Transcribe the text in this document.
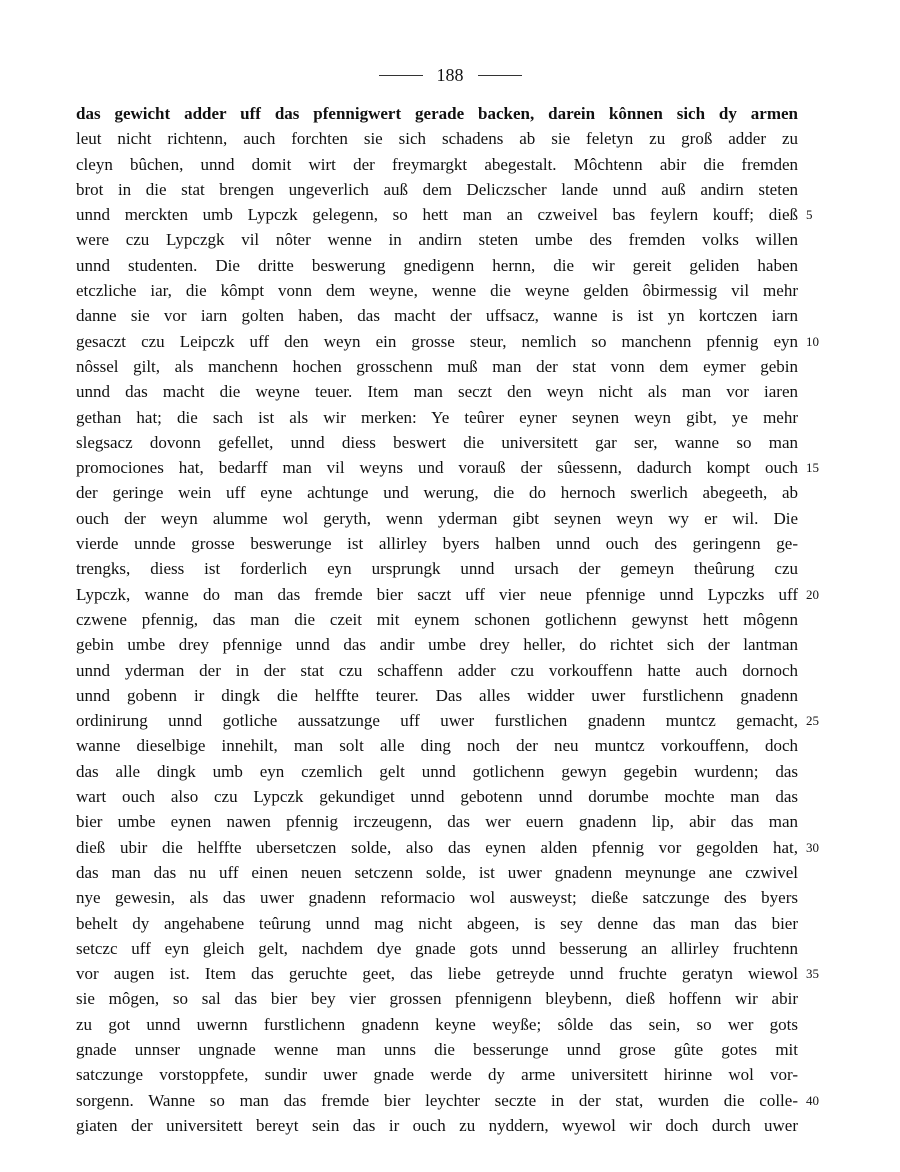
188
das gewicht adder uff das pfennigwert gerade backen, darein kônnen sich dy armen
leut nicht richtenn, auch forchten sie sich schadens ab sie feletyn zu groß adder zu
cleyn bûchen, unnd domit wirt der freymargkt abegestalt. Môchtenn abir die fremden
brot in die stat brengen ungeverlich auß dem Deliczscher lande unnd auß andirn steten
unnd merckten umb Lypczk gelegenn, so hett man an czweivel bas feylern kouff; dieß 5
were czu Lypczgk vil nôter wenne in andirn steten umbe des fremden volks willen
unnd studenten. Die dritte beswerung gnedigenn hernn, die wir gereit geliden haben
etczliche iar, die kômpt vonn dem weyne, wenne die weyne gelden ôbirmessig vil mehr
danne sie vor iarn golten haben, das macht der uffsacz, wanne is ist yn kortczen iarn
gesaczt czu Leipczk uff den weyn ein grosse steur, nemlich so manchenn pfennig eyn 10
nôssel gilt, als manchenn hochen grosschenn muß man der stat vonn dem eymer gebin
unnd das macht die weyne teuer. Item man seczt den weyn nicht als man vor iaren
gethan hat; die sach ist als wir merken: Ye teûrer eyner seynen weyn gibt, ye mehr
slegsacz dovonn gefellet, unnd diess beswert die universitett gar ser, wanne so man
promociones hat, bedarff man vil weyns und vorauß der sûessenn, dadurch kompt ouch 15
der geringe wein uff eyne achtunge und werung, die do hernoch swerlich abegeeth, ab
ouch der weyn alumme wol geryth, wenn yderman gibt seynen weyn wy er wil. Die
vierde unnde grosse beswerunge ist allirley byers halben unnd ouch des geringenn ge-
trengks, diess ist forderlich eyn ursprungk unnd ursach der gemeyn theûrung czu
Lypczk, wanne do man das fremde bier saczt uff vier neue pfennige unnd Lypczks uff 20
czwene pfennig, das man die czeit mit eynem schonen gotlichenn gewynst hett môgenn
gebin umbe drey pfennige unnd das andir umbe drey heller, do richtet sich der lantman
unnd yderman der in der stat czu schaffenn adder czu vorkouffenn hatte auch dornoch
unnd gobenn ir dingk die helffte teurer. Das alles widder uwer furstlichenn gnadenn
ordinirung unnd gotliche aussatzunge uff uwer furstlichen gnadenn muntcz gemacht, 25
wanne dieselbige innehilt, man solt alle ding noch der neu muntcz vorkouffenn, doch
das alle dingk umb eyn czemlich gelt unnd gotlichenn gewyn gegebin wurdenn; das
wart ouch also czu Lypczk gekundiget unnd gebotenn unnd dorumbe mochte man das
bier umbe eynen nawen pfennig irczeugenn, das wer euern gnadenn lip, abir das man
dieß ubir die helffte ubersetczen solde, also das eynen alden pfennig vor gegolden hat, 30
das man das nu uff einen neuen setczenn solde, ist uwer gnadenn meynunge ane czwivel
nye gewesin, als das uwer gnadenn reformacio wol ausweyst; dieße satczunge des byers
behelt dy angehabene teûrung unnd mag nicht abgeen, is sey denne das man das bier
setczc uff eyn gleich gelt, nachdem dye gnade gots unnd besserung an allirley fruchtenn
vor augen ist. Item das geruchte geet, das liebe getreyde unnd fruchte geratyn wiewol 35
sie môgen, so sal das bier bey vier grossen pfennigenn bleybenn, dieß hoffenn wir abir
zu got unnd uwernn furstlichenn gnadenn keyne weyße; sôlde das sein, so wer gots
gnade unnser ungnade wenne man unns die besserunge unnd grose gûte gotes mit
satczunge vorstoppfete, sundir uwer gnade werde dy arme universitett hirinne wol vor-
sorgenn. Wanne so man das fremde bier leychter seczte in der stat, wurden die colle- 40
giaten der universitett bereyt sein das ir ouch zu nyddern, wyewol wir doch durch uwer
